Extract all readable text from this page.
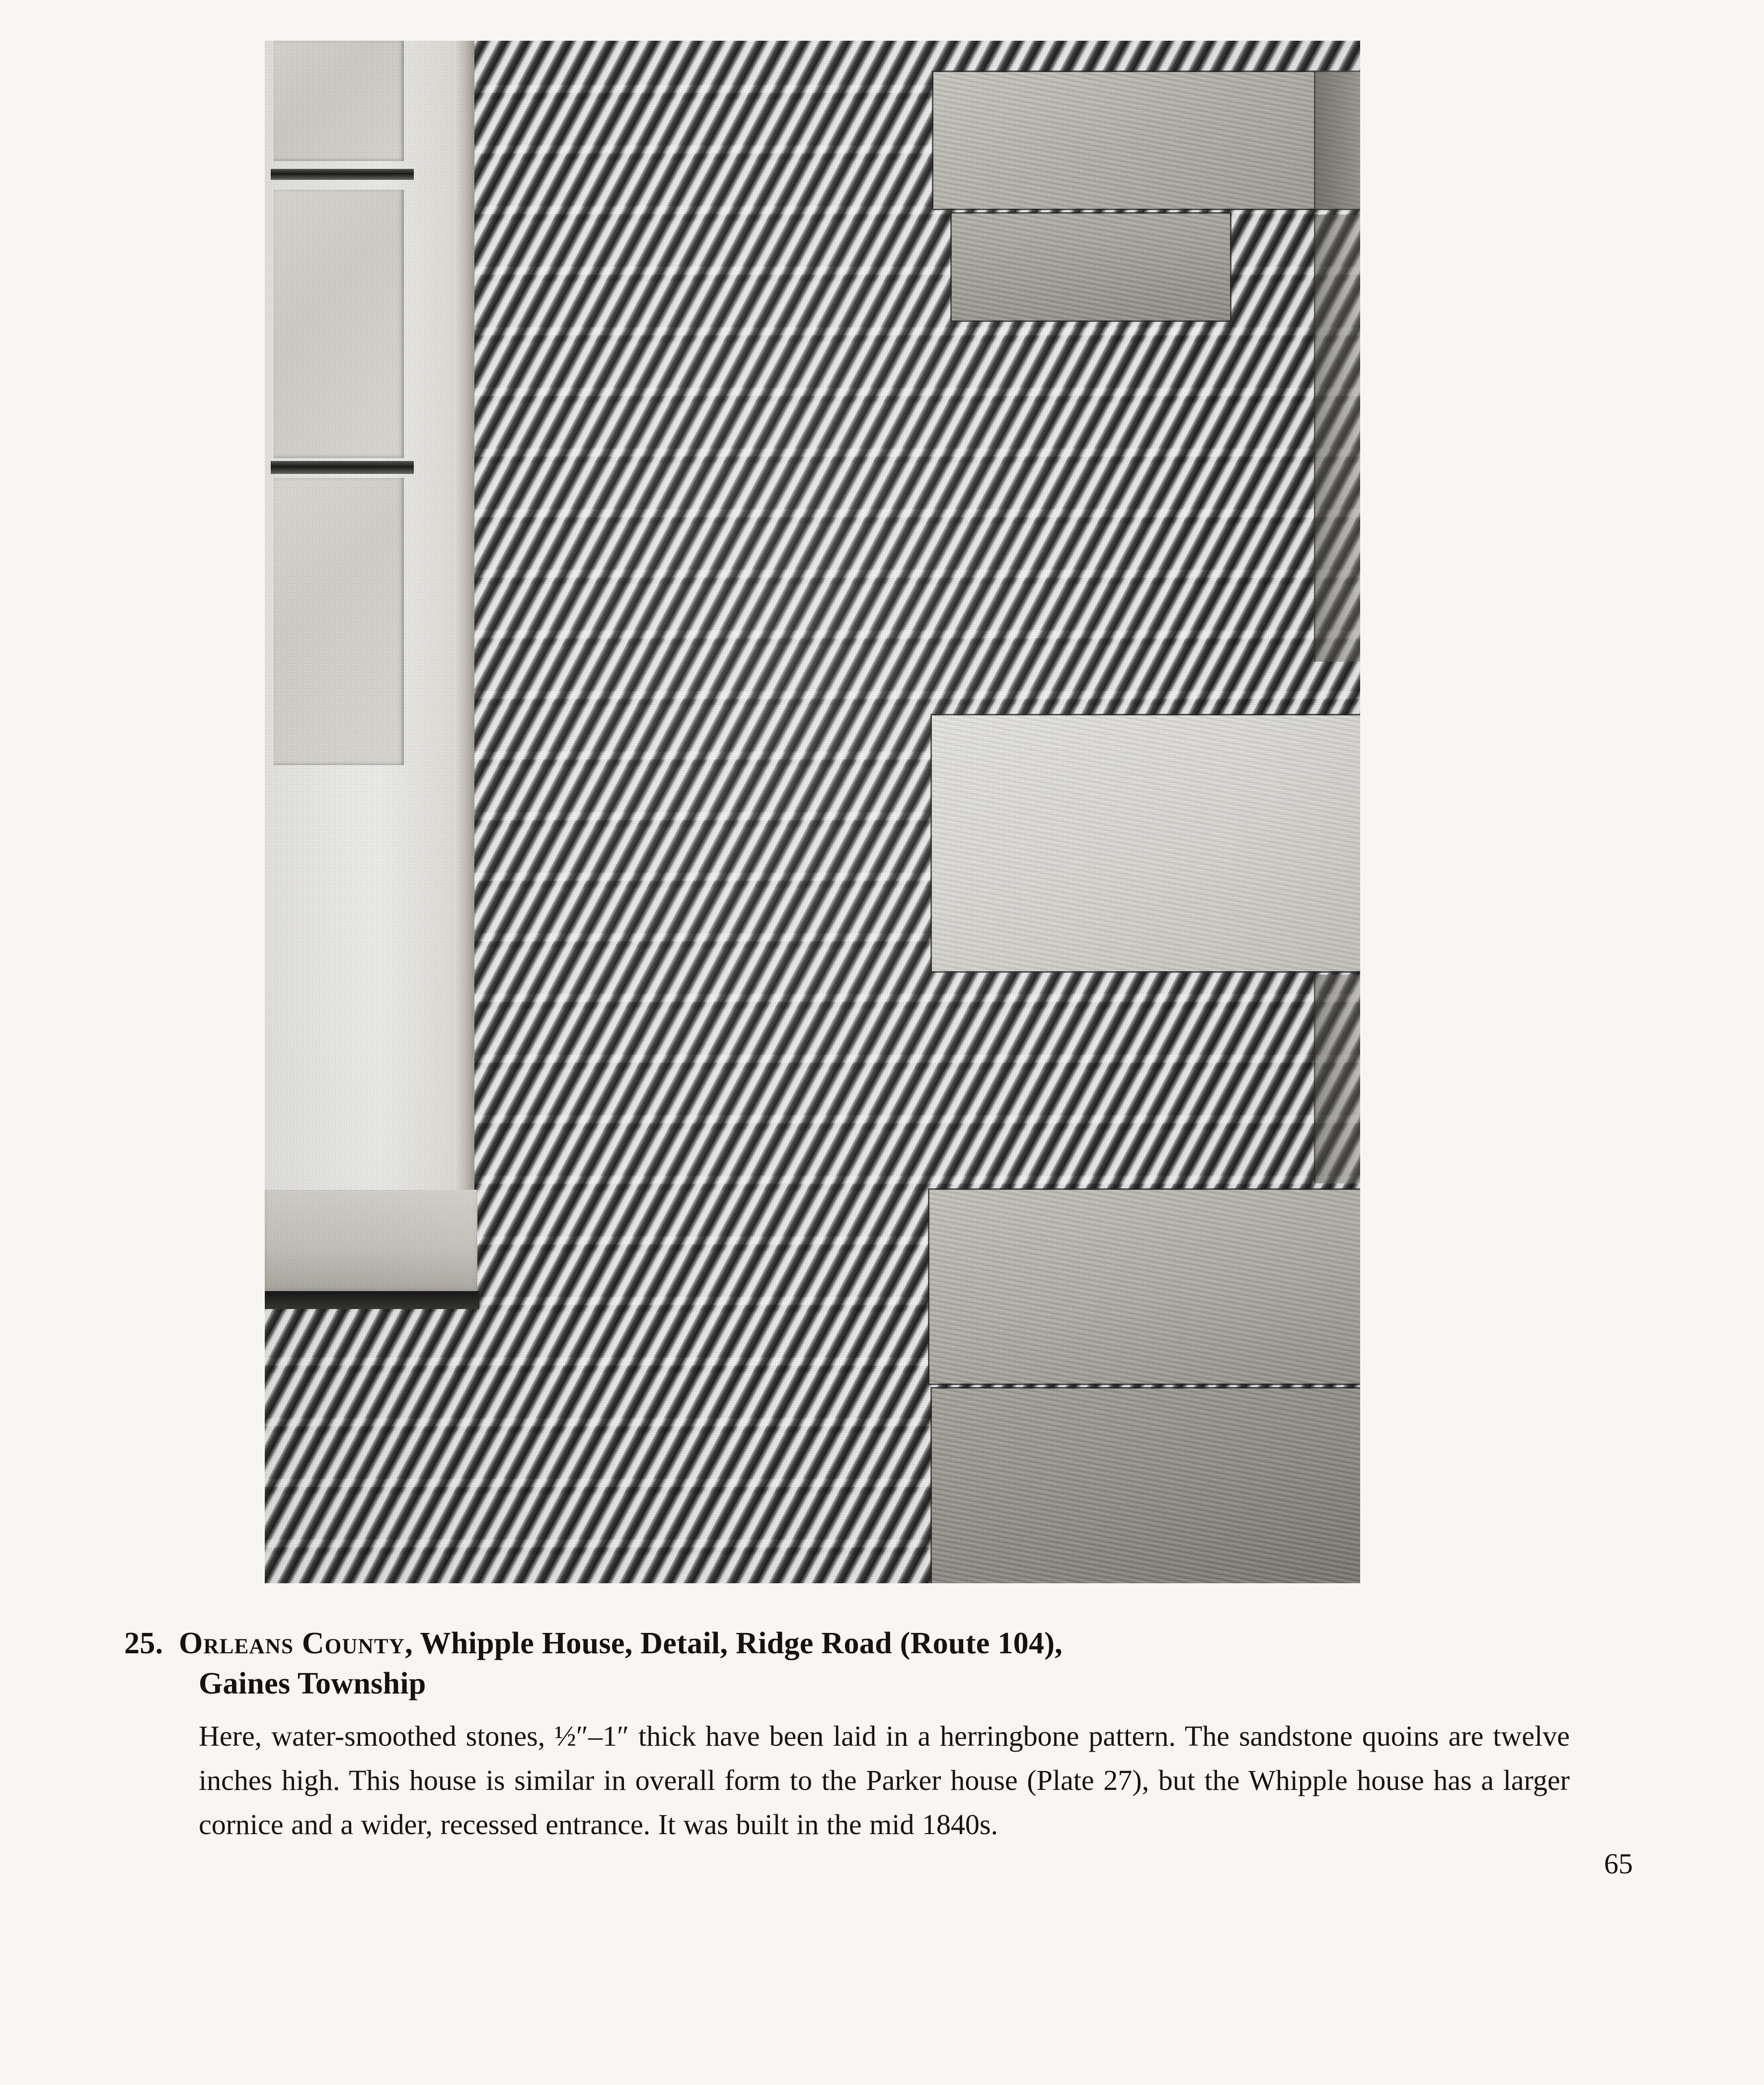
25. Orleans County, Whipple House, Detail, Ridge Road (Route 104),
Gaines Township
Here, water-smoothed stones, ½″–1″ thick have been laid in a herringbone pattern. The sandstone quoins are twelve inches high. This house is similar in overall form to the Parker house (Plate 27), but the Whipple house has a larger cornice and a wider, recessed entrance. It was built in the mid 1840s.
65
